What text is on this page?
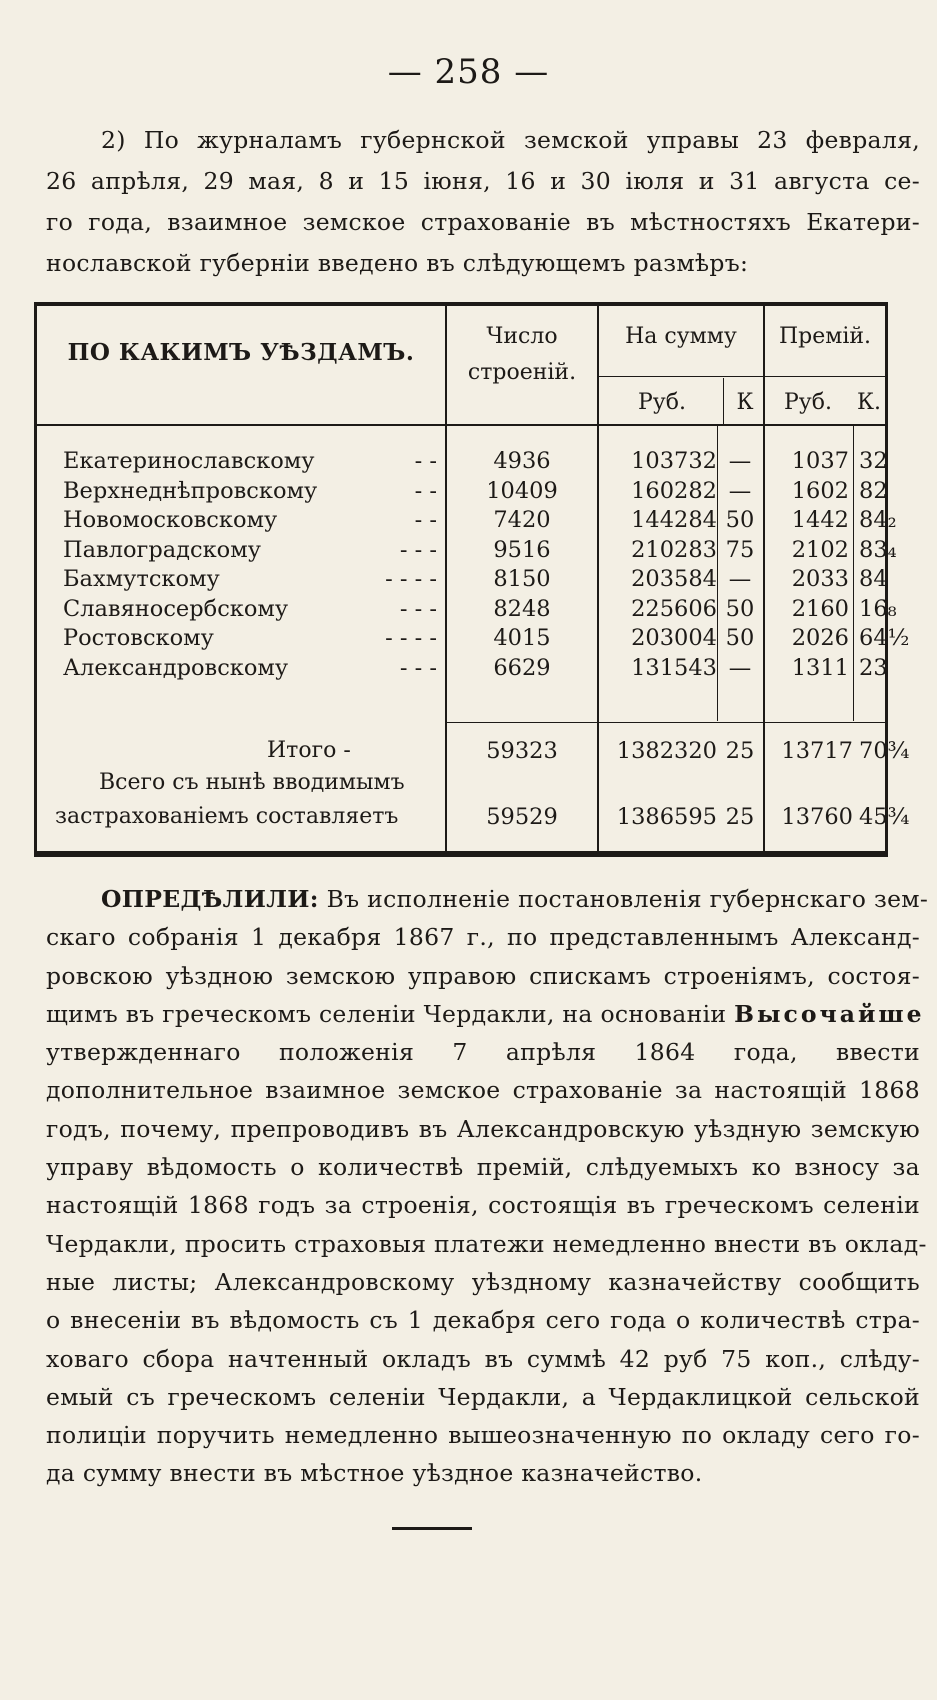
— 258 —
2) По журналамъ губернской земской управы 23 февраля,
26 апрѣля, 29 мая, 8 и 15 іюня, 16 и 30 іюля и 31 августа се-
го года, взаимное земское страхованіе въ мѣстностяхъ Екатери-
нославской губерніи введено въ слѣдующемъ размѣръ:
ПО КАКИМЪ УѢЗДАМЪ.
Число
строеній.
На сумму	Премій.
Руб.	К	Руб.	К.
Екатеринославскому	- -	4936	103732 —	1037 32
Верхнеднѣпровскому	- -	10409	160282 —	1602 82
Новомосковскому	- -	7420	144284 50	1442 84₂
Павлоградскому	- - -	9516	210283 75	2102 83₄
Бахмутскому	- - - -	8150	203584 —	2033 84
Славяносербскому	- - -	8248	225606 50	2160 16₈
Ростовскому	- - - -	4015	203004 50	2026 64½
Александровскому	- - -	6629	131543 —	1311 23
Итого -	59323	1382320 25	13717 70¾
Всего съ нынѣ вводимымъ
застрахованіемъ составляетъ	59529	1386595 25	13760 45¾
ОПРЕДѢЛИЛИ: Въ исполненіе постановленія губернскаго зем-
скаго собранія 1 декабря 1867 г., по представленнымъ Александ-
ровскою уѣздною земскою управою спискамъ строеніямъ, состоя-
щимъ въ греческомъ селеніи Чердакли, на основаніи Высочайше
утвержденнаго положенія 7 апрѣля 1864 года, ввести
дополнительное взаимное земское страхованіе за настоящій 1868
годъ, почему, препроводивъ въ Александровскую уѣздную земскую
управу вѣдомость о количествѣ премій, слѣдуемыхъ ко взносу за
настоящій 1868 годъ за строенія, состоящія въ греческомъ селеніи
Чердакли, просить страховыя платежи немедленно внести въ оклад-
ные листы; Александровскому уѣздному казначейству сообщить
о внесеніи въ вѣдомость съ 1 декабря сего года о количествѣ стра-
ховаго сбора начтенный окладъ въ суммѣ 42 руб 75 коп., слѣду-
емый съ греческомъ селеніи Чердакли, а Чердаклицкой сельской
полиціи поручить немедленно вышеозначенную по окладу сего го-
да сумму внести въ мѣстное уѣздное казначейство.
